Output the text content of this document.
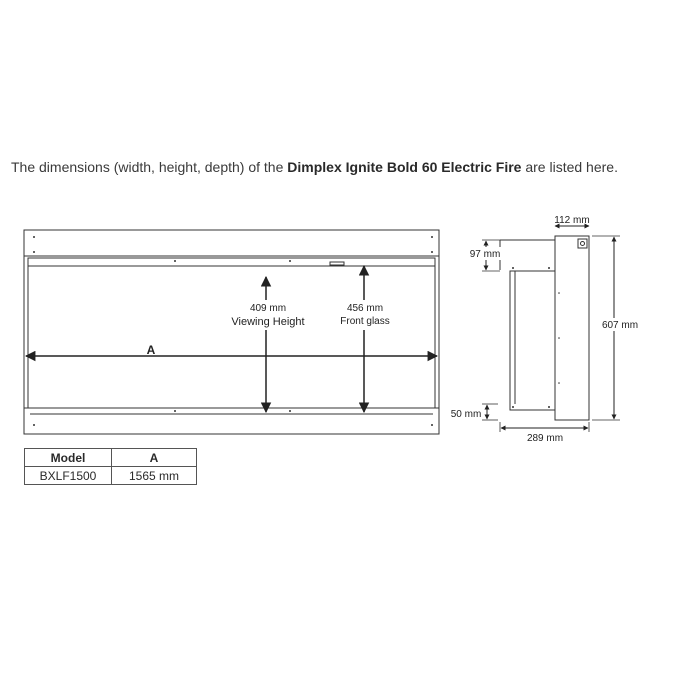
The dimensions (width, height, depth) of the Dimplex Ignite Bold 60 Electric Fire are listed here.
A
409 mm
Viewing Height
456 mm
Front glass
112 mm
97 mm
607 mm
50 mm
289 mm
Model	A
BXLF1500	1565 mm
